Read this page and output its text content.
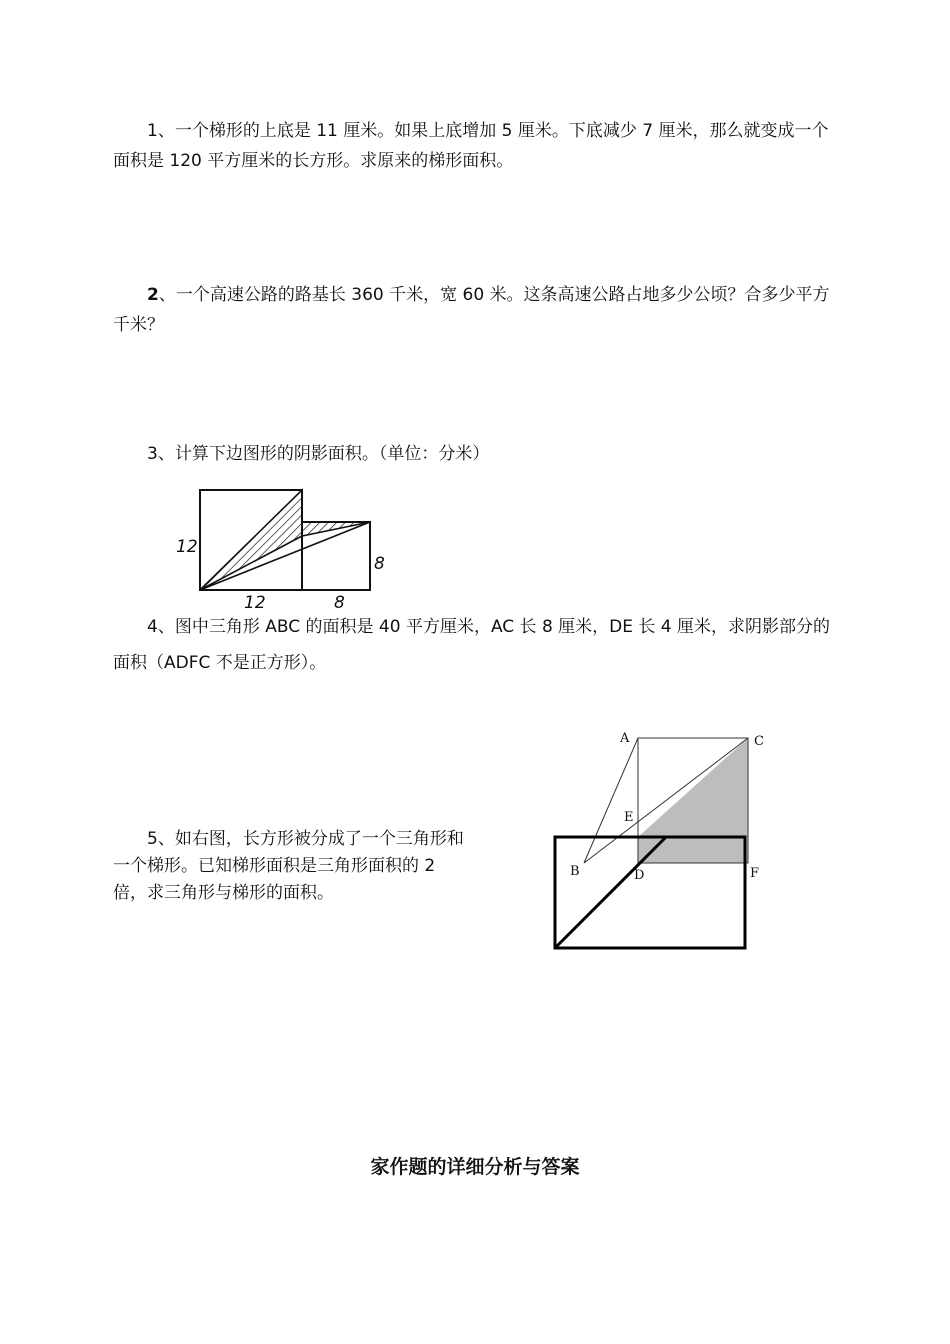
1、一个梯形的上底是 11 厘米。如果上底增加 5 厘米。下底减少 7 厘米，那么就变成一个面积是 120 平方厘米的长方形。求原来的梯形面积。

2、一个高速公路的路基长 360 千米，宽 60 米。这条高速公路占地多少公顷？合多少平方千米？

3、计算下边图形的阴影面积。（单位：分米）

12
8
12	8

4、图中三角形 ABC 的面积是 40 平方厘米，AC 长 8 厘米，DE 长 4 厘米，求阴影部分的面积（ADFC 不是正方形）。

5、如右图，长方形被分成了一个三角形和一个梯形。已知梯形面积是三角形面积的 2 倍，求三角形与梯形的面积。

A	C
E
B	D	F

家作题的详细分析与答案
